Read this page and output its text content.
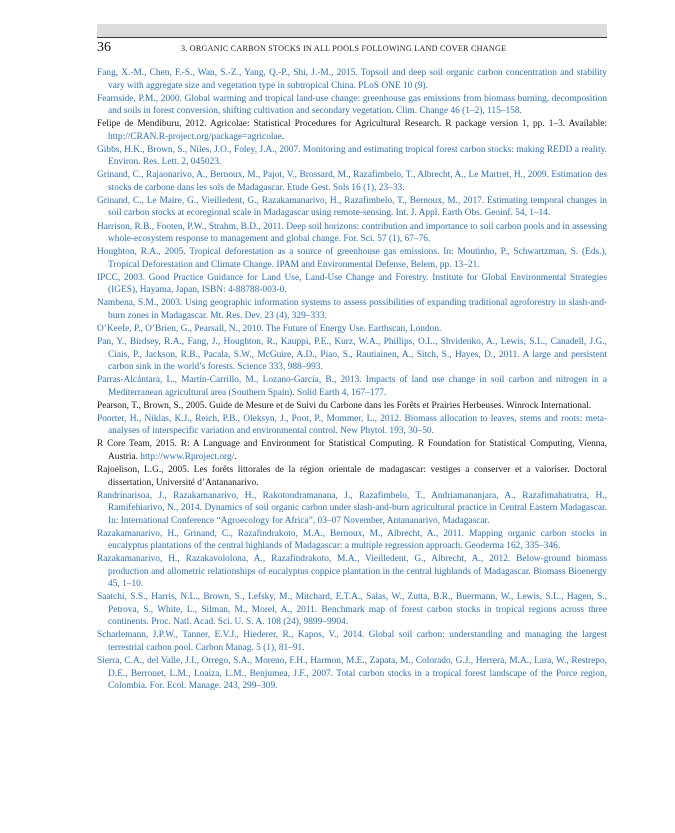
36	3. ORGANIC CARBON STOCKS IN ALL POOLS FOLLOWING LAND COVER CHANGE

Fang, X.-M., Chen, F.-S., Wan, S.-Z., Yang, Q.-P., Shi, J.-M., 2015. Topsoil and deep soil organic carbon concentration and stability vary with aggregate size and vegetation type in subtropical China. PLoS ONE 10 (9).

Fearnside, P.M., 2000. Global warming and tropical land-use change: greenhouse gas emissions from biomass burning, decomposition and soils in forest conversion, shifting cultivation and secondary vegetation. Clim. Change 46 (1–2), 115–158.

Felipe de Mendiburu, 2012. Agricolae: Statistical Procedures for Agricultural Research. R package version 1, pp. 1–3. Available: http://CRAN.R-project.org/package=agricolae.

Gibbs, H.K., Brown, S., Niles, J.O., Foley, J.A., 2007. Monitoring and estimating tropical forest carbon stocks: making REDD a reality. Environ. Res. Lett. 2, 045023.

Grinand, C., Rajaonarivo, A., Bernoux, M., Pajot, V., Brossard, M., Razafimbelo, T., Albrecht, A., Le Martret, H., 2009. Estimation des stocks de carbone dans les sols de Madagascar. Etude Gest. Sols 16 (1), 23–33.

Grinand, C., Le Maire, G., Vieilledent, G., Razakamanarivo, H., Razafimbelo, T., Bernoux, M., 2017. Estimating temporal changes in soil carbon stocks at ecoregional scale in Madagascar using remote-sensing. Int. J. Appl. Earth Obs. Geoinf. 54, 1–14.

Harrison, R.B., Footen, P.W., Strahm, B.D., 2011. Deep soil horizons: contribution and importance to soil carbon pools and in assessing whole-ecosystem response to management and global change. For. Sci. 57 (1), 67–76.

Houghton, R.A., 2005. Tropical deforestation as a source of greenhouse gas emissions. In: Moutinho, P., Schwartzman, S. (Eds.), Tropical Deforestation and Climate Change. IPAM and Environmental Defense, Belem, pp. 13–21.

IPCC, 2003. Good Practice Guidance for Land Use, Land-Use Change and Forestry. Institute for Global Environmental Strategies (IGES), Hayama, Japan, ISBN: 4-88788-003-0.

Nambena, S.M., 2003. Using geographic information systems to assess possibilities of expanding traditional agroforestry in slash-and-burn zones in Madagascar. Mt. Res. Dev. 23 (4), 329–333.

O’Keefe, P., O’Brien, G., Pearsall, N., 2010. The Future of Energy Use. Earthscan, London.

Pan, Y., Birdsey, R.A., Fang, J., Houghton, R., Kauppi, P.E., Kurz, W.A., Phillips, O.L., Shvidenko, A., Lewis, S.L., Canadell, J.G., Ciais, P., Jackson, R.B., Pacala, S.W., McGuire, A.D., Piao, S., Rautiainen, A., Sitch, S., Hayes, D., 2011. A large and persistent carbon sink in the world’s forests. Science 333, 988–993.

Parras-Alcántara, L., Martín-Carrillo, M., Lozano-García, B., 2013. Impacts of land use change in soil carbon and nitrogen in a Mediterranean agricultural area (Southern Spain). Solid Earth 4, 167–177.

Pearson, T., Brown, S., 2005. Guide de Mesure et de Suivi du Carbone dans les Forêts et Prairies Herbeuses. Winrock International.

Poorter, H., Niklas, K.J., Reich, P.B., Oleksyn, J., Poot, P., Mommer, L., 2012. Biomass allocation to leaves, stems and roots: meta-analyses of interspecific variation and environmental control. New Phytol. 193, 30–50.

R Core Team, 2015. R: A Language and Environment for Statistical Computing. R Foundation for Statistical Computing, Vienna, Austria. http://www.Rproject.org/.

Rajoelison, L.G., 2005. Les forêts littorales de la région orientale de madagascar: vestiges a conserver et a valoriser. Doctoral dissertation, Université d’Antananarivo.

Randrinarisoa, J., Razakamanarivo, H., Rakotondramanana, J., Razafimbelo, T., Andriamananjara, A., Razafimahatratra, H., Ramifehiarivo, N., 2014. Dynamics of soil organic carbon under slash-and-burn agricultural practice in Central Eastern Madagascar. In: International Conference “Agroecology for Africa”, 03–07 November, Antananarivo, Madagascar.

Razakamanarivo, H., Grinand, C., Razafindrakoto, M.A., Bernoux, M., Albrecht, A., 2011. Mapping organic carbon stocks in eucalyptus plantations of the central highlands of Madagascar: a multiple regression approach. Geoderma 162, 335–346.

Razakamanarivo, H., Razakavololona, A., Razafindrakoto, M.A., Vieilledent, G., Albrecht, A., 2012. Below-ground biomass production and allometric relationships of eucalyptus coppice plantation in the central highlands of Madagascar. Biomass Bioenergy 45, 1–10.

Saatchi, S.S., Harris, N.L., Brown, S., Lefsky, M., Mitchard, E.T.A., Salas, W., Zutta, B.R., Buermann, W., Lewis, S.L., Hagen, S., Petrova, S., White, L., Silman, M., Morel, A., 2011. Benchmark map of forest carbon stocks in tropical regions across three continents. Proc. Natl. Acad. Sci. U. S. A. 108 (24), 9899–9904.

Scharlemann, J.P.W., Tanner, E.V.J., Hiederer, R., Kapos, V., 2014. Global soil carbon: understanding and managing the largest terrestrial carbon pool. Carbon Manag. 5 (1), 81–91.

Sierra, C.A., del Valle, J.I., Orrego, S.A., Moreno, F.H., Harmon, M.E., Zapata, M., Colorado, G.J., Herrera, M.A., Lara, W., Restrepo, D.E., Berrouet, L.M., Loaiza, L.M., Benjumea, J.F., 2007. Total carbon stocks in a tropical forest landscape of the Porce region, Colombia. For. Ecol. Manage. 243, 299–309.
